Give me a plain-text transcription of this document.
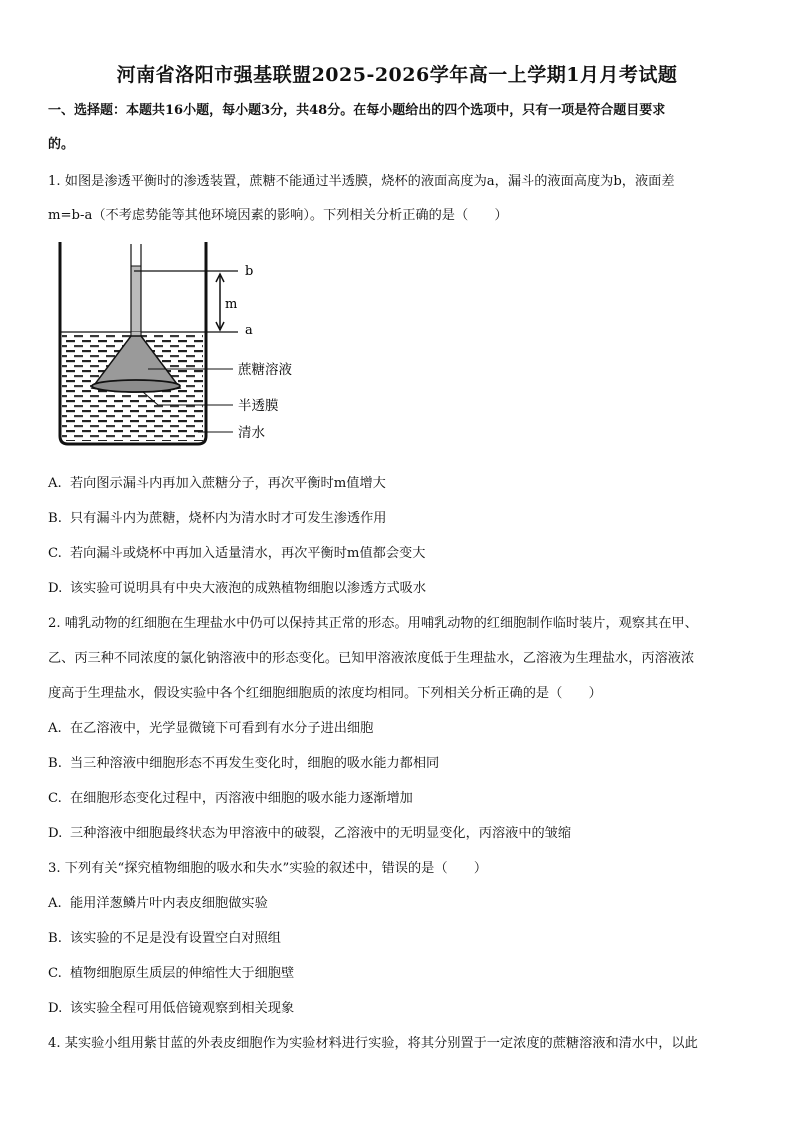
河南省洛阳市强基联盟2025-2026学年高一上学期1月月考试题
一、选择题：本题共16小题，每小题3分，共48分。在每小题给出的四个选项中，只有一项是符合题目要求
的。
1. 如图是渗透平衡时的渗透装置，蔗糖不能通过半透膜，烧杯的液面高度为a，漏斗的液面高度为b，液面差
m=b-a（不考虑势能等其他环境因素的影响）。下列相关分析正确的是（　　）
b
m
a
蔗糖溶液
半透膜
清水
A. 若向图示漏斗内再加入蔗糖分子，再次平衡时m值增大
B. 只有漏斗内为蔗糖，烧杯内为清水时才可发生渗透作用
C. 若向漏斗或烧杯中再加入适量清水，再次平衡时m值都会变大
D. 该实验可说明具有中央大液泡的成熟植物细胞以渗透方式吸水
2. 哺乳动物的红细胞在生理盐水中仍可以保持其正常的形态。用哺乳动物的红细胞制作临时装片，观察其在甲、
乙、丙三种不同浓度的氯化钠溶液中的形态变化。已知甲溶液浓度低于生理盐水，乙溶液为生理盐水，丙溶液浓
度高于生理盐水，假设实验中各个红细胞细胞质的浓度均相同。下列相关分析正确的是（　　）
A. 在乙溶液中，光学显微镜下可看到有水分子进出细胞
B. 当三种溶液中细胞形态不再发生变化时，细胞的吸水能力都相同
C. 在细胞形态变化过程中，丙溶液中细胞的吸水能力逐渐增加
D. 三种溶液中细胞最终状态为甲溶液中的破裂，乙溶液中的无明显变化，丙溶液中的皱缩
3. 下列有关“探究植物细胞的吸水和失水”实验的叙述中，错误的是（　　）
A. 能用洋葱鳞片叶内表皮细胞做实验
B. 该实验的不足是没有设置空白对照组
C. 植物细胞原生质层的伸缩性大于细胞壁
D. 该实验全程可用低倍镜观察到相关现象
4. 某实验小组用紫甘蓝的外表皮细胞作为实验材料进行实验，将其分别置于一定浓度的蔗糖溶液和清水中，以此
